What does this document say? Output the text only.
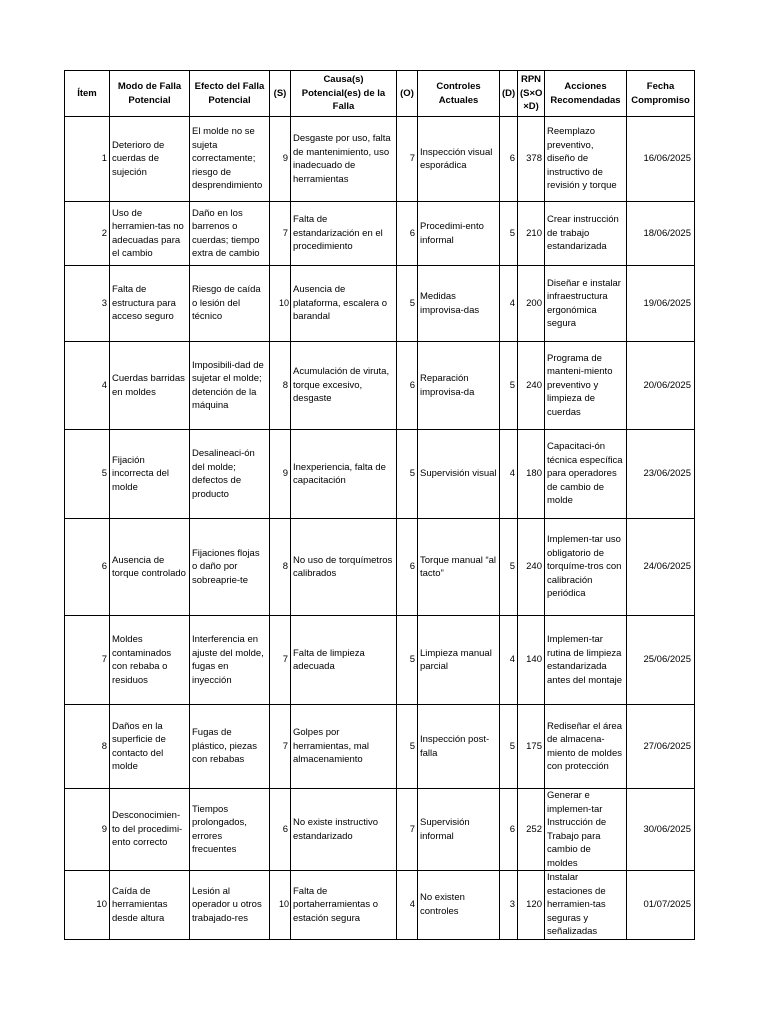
Ítem	Modo de Falla Potencial	Efecto del Falla Potencial	(S)	Causa(s) Potencial(es) de la Falla	(O)	Controles Actuales	(D)	RPN (S×O ×D)	Acciones Recomendadas	Fecha Compromiso
1	Deterioro de cuerdas de sujeción	El molde no se sujeta correctamente; riesgo de desprendimiento	9	Desgaste por uso, falta de mantenimiento, uso inadecuado de herramientas	7	Inspección visual esporádica	6	378	Reemplazo preventivo, diseño de instructivo de revisión y torque	16/06/2025
2	Uso de herramien-tas no adecuadas para el cambio	Daño en los barrenos o cuerdas; tiempo extra de cambio	7	Falta de estandarización en el procedimiento	6	Procedimi-ento informal	5	210	Crear instrucción de trabajo estandarizada	18/06/2025
3	Falta de estructura para acceso seguro	Riesgo de caída o lesión del técnico	10	Ausencia de plataforma, escalera o barandal	5	Medidas improvisa-das	4	200	Diseñar e instalar infraestructura ergonómica segura	19/06/2025
4	Cuerdas barridas en moldes	Imposibili-dad de sujetar el molde; detención de la máquina	8	Acumulación de viruta, torque excesivo, desgaste	6	Reparación improvisa-da	5	240	Programa de manteni-miento preventivo y limpieza de cuerdas	20/06/2025
5	Fijación incorrecta del molde	Desalineaci-ón del molde; defectos de producto	9	Inexperiencia, falta de capacitación	5	Supervisión visual	4	180	Capacitaci-ón técnica específica para operadores de cambio de molde	23/06/2025
6	Ausencia de torque controlado	Fijaciones flojas o daño por sobreaprie-te	8	No uso de torquímetros calibrados	6	Torque manual “al tacto”	5	240	Implemen-tar uso obligatorio de torquíme-tros con calibración periódica	24/06/2025
7	Moldes contaminados con rebaba o residuos	Interferencia en ajuste del molde, fugas en inyección	7	Falta de limpieza adecuada	5	Limpieza manual parcial	4	140	Implemen-tar rutina de limpieza estandarizada antes del montaje	25/06/2025
8	Daños en la superficie de contacto del molde	Fugas de plástico, piezas con rebabas	7	Golpes por herramientas, mal almacenamiento	5	Inspección post-falla	5	175	Rediseñar el área de almacena-miento de moldes con protección	27/06/2025
9	Desconocimien-to del procedimi-ento correcto	Tiempos prolongados, errores frecuentes	6	No existe instructivo estandarizado	7	Supervisión informal	6	252	Generar e implemen-tar Instrucción de Trabajo para cambio de moldes	30/06/2025
10	Caída de herramientas desde altura	Lesión al operador u otros trabajado-res	10	Falta de portaherramientas o estación segura	4	No existen controles	3	120	Instalar estaciones de herramien-tas seguras y señalizadas	01/07/2025
